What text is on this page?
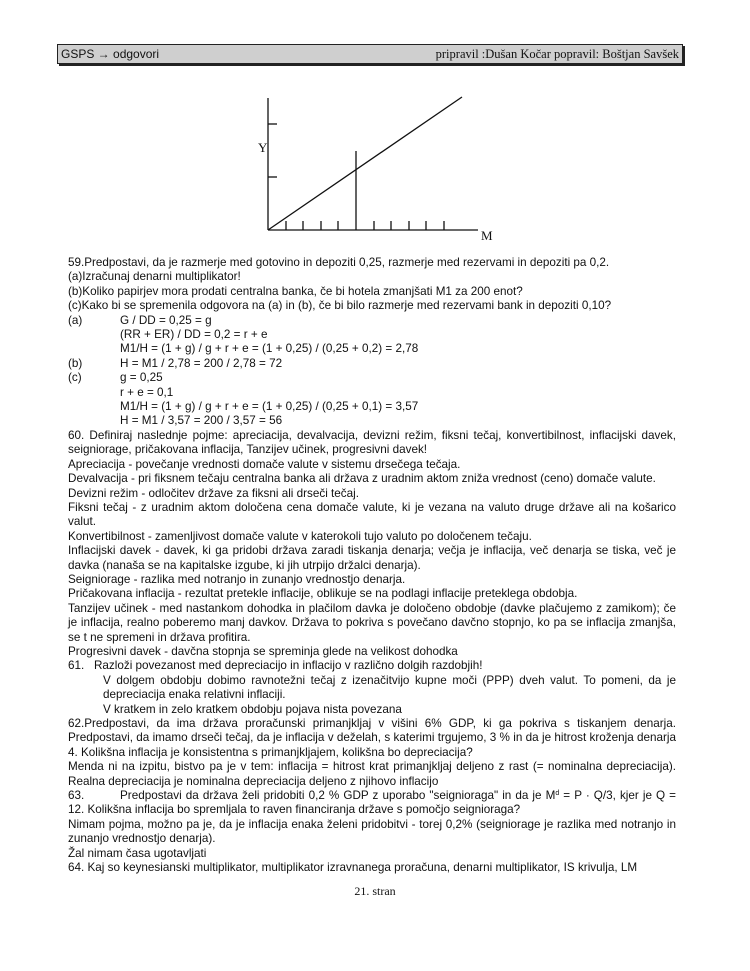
GSPS → odgovori	pripravil :Dušan Kočar popravil: Boštjan Savšek
Y
M

59.Predpostavi, da je razmerje med gotovino in depoziti 0,25, razmerje med rezervami in depoziti pa 0,2.

(a)Izračunaj denarni multiplikator!

(b)Koliko papirjev mora prodati centralna banka, če bi hotela zmanjšati M1 za 200 enot?

(c)Kako bi se spremenila odgovora na (a) in (b), če bi bilo razmerje med rezervami bank in depoziti 0,10?

(a)	G / DD = 0,25 = g
(RR + ER) / DD = 0,2 = r + e
M1/H = (1 + g) / g + r + e = (1 + 0,25) / (0,25 + 0,2) = 2,78
(b)	H = M1 / 2,78 = 200 / 2,78 = 72
(c)	g = 0,25
r + e = 0,1
M1/H = (1 + g) / g + r + e = (1 + 0,25) / (0,25 + 0,1) = 3,57
H = M1 / 3,57 = 200 / 3,57 = 56

60. Definiraj naslednje pojme: apreciacija, devalvacija, devizni režim, fiksni tečaj, konvertibilnost, inflacijski davek, seigniorage, pričakovana inflacija, Tanzijev učinek, progresivni davek!

Apreciacija - povečanje vrednosti domače valute v sistemu drsečega tečaja.

Devalvacija - pri fiksnem tečaju centralna banka ali država z uradnim aktom zniža vrednost (ceno) domače valute.

Devizni režim - odločitev države za fiksni ali drseči tečaj.

Fiksni tečaj - z uradnim aktom določena cena domače valute, ki je vezana na valuto druge države ali na košarico valut.

Konvertibilnost - zamenljivost domače valute v katerokoli tujo valuto po določenem tečaju.

Inflacijski davek - davek, ki ga pridobi država zaradi tiskanja denarja; večja je inflacija, več denarja se tiska, več je davka (nanaša se na kapitalske izgube, ki jih utrpijo držalci denarja).

Seigniorage - razlika med notranjo in zunanjo vrednostjo denarja.

Pričakovana inflacija - rezultat pretekle inflacije, oblikuje se na podlagi inflacije preteklega obdobja.

Tanzijev učinek - med nastankom dohodka in plačilom davka je določeno obdobje (davke plačujemo z zamikom); če je inflacija, realno poberemo manj davkov. Država to pokriva s povečano davčno stopnjo, ko pa se inflacija zmanjša, se t ne spremeni in država profitira.

Progresivni davek - davčna stopnja se spreminja glede na velikost dohodka

61.   Razloži povezanost med depreciacijo in inflacijo v različno dolgih razdobjih!

V dolgem obdobju dobimo ravnotežni tečaj z izenačitvijo kupne moči (PPP) dveh valut. To pomeni, da je depreciacija enaka relativni inflaciji.

V kratkem in zelo kratkem obdobju pojava nista povezana

62.Predpostavi, da ima država proračunski primanjkljaj v višini 6% GDP, ki ga pokriva s tiskanjem denarja. Predpostavi, da imamo drseči tečaj, da je inflacija v deželah, s katerimi trgujemo, 3 % in da je hitrost kroženja denarja 4. Kolikšna inflacija je konsistentna s primanjkljajem, kolikšna bo depreciacija?

Menda ni na izpitu, bistvo pa je v tem: inflacija = hitrost krat primanjkljaj deljeno z rast (= nominalna depreciacija). Realna depreciacija je nominalna depreciacija deljeno z njihovo inflacijo

63.	Predpostavi da država želi pridobiti 0,2 % GDP z uporabo "seignioraga" in da je $M^d = P \cdot Q/3$, kjer je Q = 12. Kolikšna inflacija bo spremljala to raven financiranja države s pomočjo seignioraga?

Nimam pojma, možno pa je, da je inflacija enaka želeni pridobitvi - torej 0,2% (seigniorage je razlika med notranjo in zunanjo vrednostjo denarja).

Žal nimam časa ugotavljati

64. Kaj so keynesianski multiplikator, multiplikator izravnanega proračuna, denarni multiplikator, IS krivulja, LM

21. stran
